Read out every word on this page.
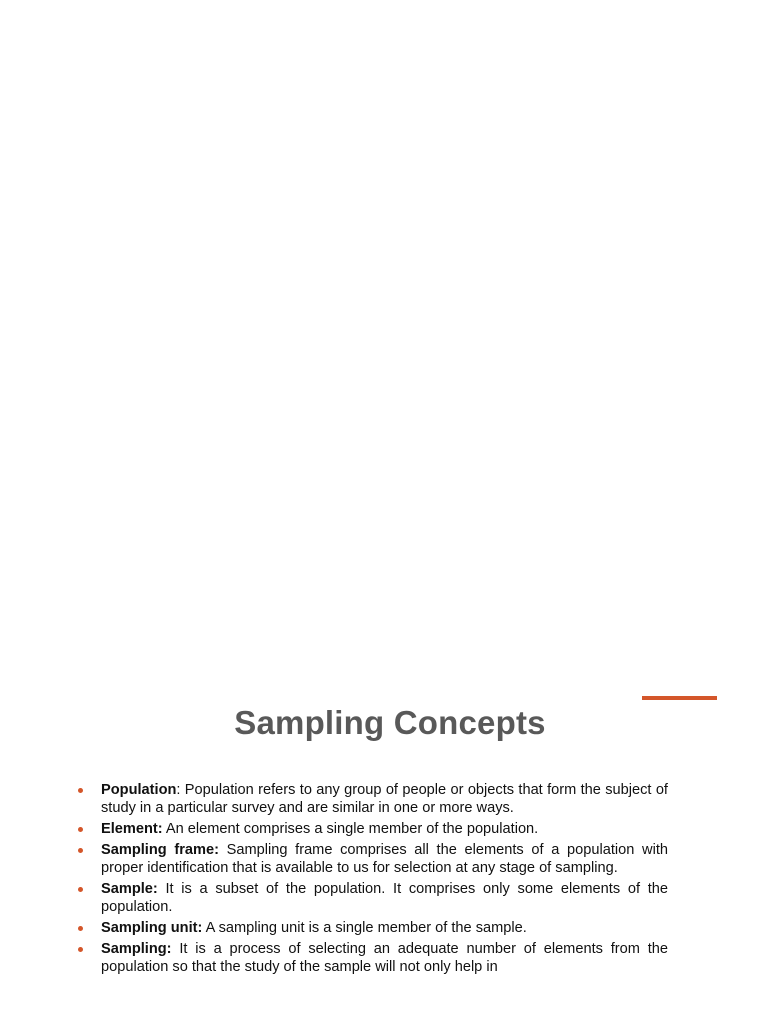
Sampling Concepts
Population: Population refers to any group of people or objects that form the subject of study in a particular survey and are similar in one or more ways.
Element: An element comprises a single member of the population.
Sampling frame: Sampling frame comprises all the elements of a population with proper identification that is available to us for selection at any stage of sampling.
Sample: It is a subset of the population. It comprises only some elements of the population.
Sampling unit: A sampling unit is a single member of the sample.
Sampling: It is a process of selecting an adequate number of elements from the population so that the study of the sample will not only help in
